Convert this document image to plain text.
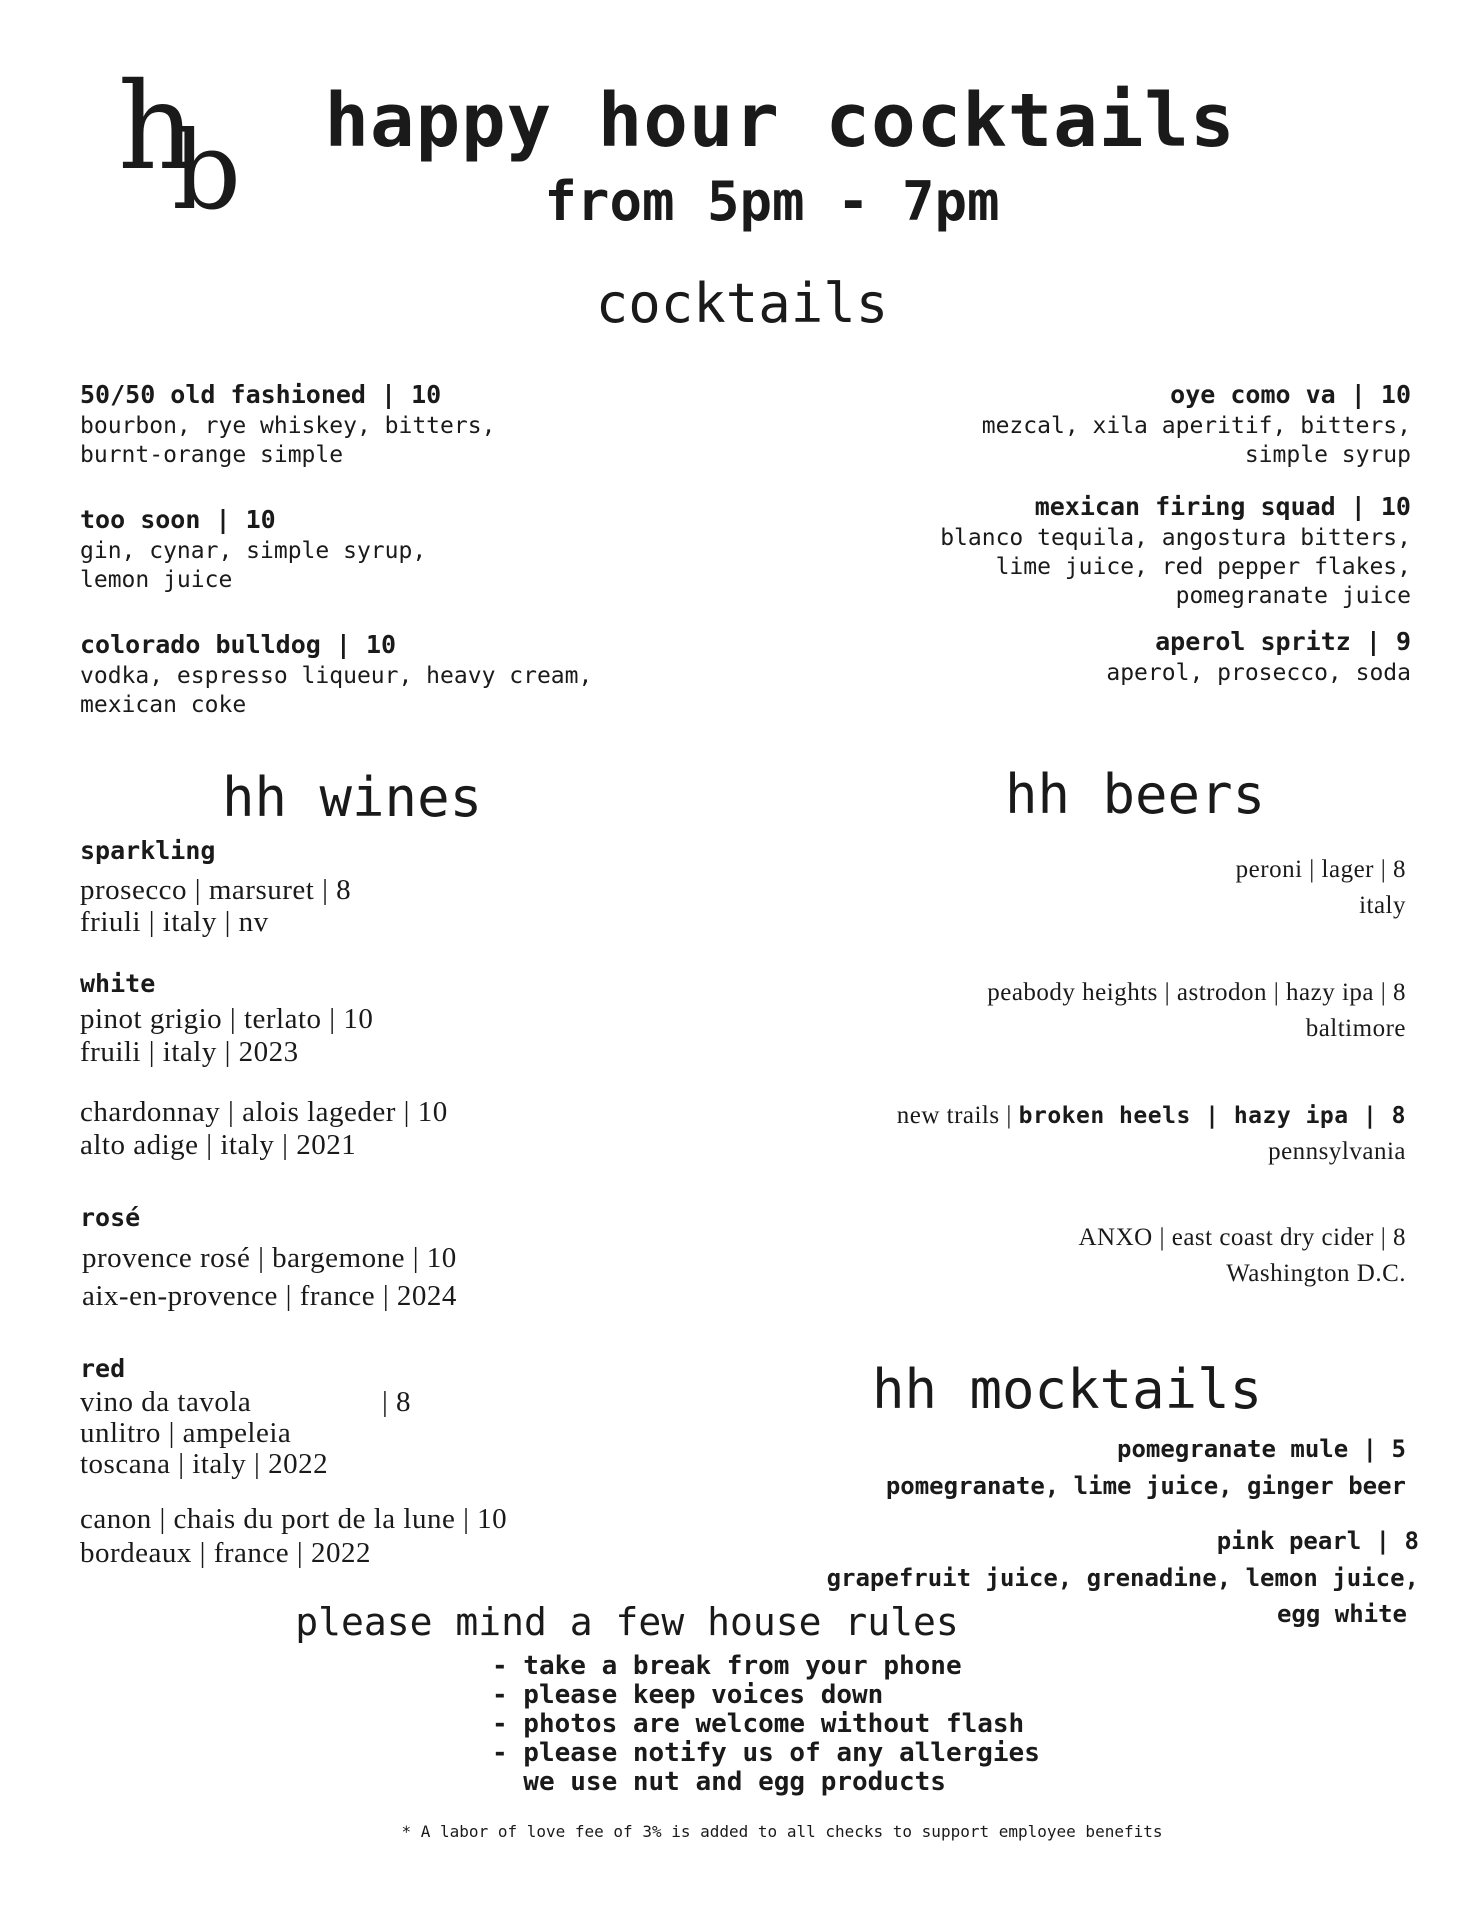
h
b	happy hour cocktails
from 5pm - 7pm
cocktails
50/50 old fashioned | 10
bourbon, rye whiskey, bitters,
burnt-orange simple
too soon | 10
gin, cynar, simple syrup,
lemon juice
colorado bulldog | 10
vodka, espresso liqueur, heavy cream,
mexican coke
oye como va | 10
mezcal, xila aperitif, bitters,
simple syrup
mexican firing squad | 10
blanco tequila, angostura bitters,
lime juice, red pepper flakes,
pomegranate juice
aperol spritz | 9
aperol, prosecco, soda
hh wines
sparkling
prosecco | marsuret | 8
friuli | italy | nv
white
pinot grigio | terlato | 10
fruili | italy | 2023
chardonnay | alois lageder | 10
alto adige | italy | 2021
rosé
provence rosé | bargemone | 10
aix-en-provence | france | 2024
red
vino da tavola	| 8
unlitro | ampeleia
toscana | italy | 2022
canon | chais du port de la lune | 10
bordeaux | france | 2022
hh beers
peroni | lager | 8
italy
peabody heights | astrodon | hazy ipa | 8
baltimore
new trails | broken heels | hazy ipa | 8
pennsylvania
ANXO | east coast dry cider | 8
Washington D.C.
hh mocktails
pomegranate mule | 5
pomegranate, lime juice, ginger beer
pink pearl | 8
grapefruit juice, grenadine, lemon juice,
egg white
please mind a few house rules
- take a break from your phone
- please keep voices down
- photos are welcome without flash
- please notify us of any allergies
we use nut and egg products
* A labor of love fee of 3% is added to all checks to support employee benefits
